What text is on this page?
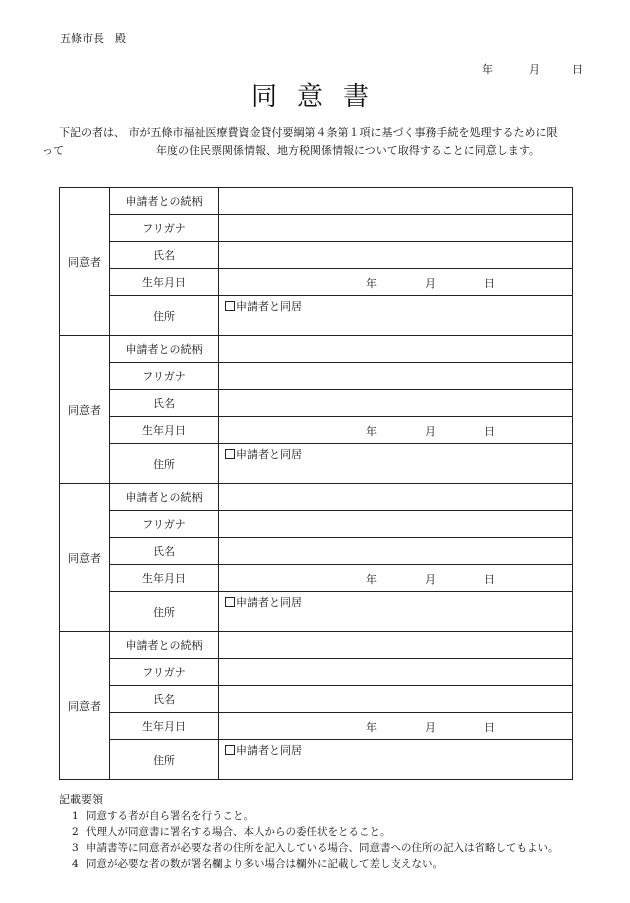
五條市長　殿
年	月	日
同意書
下記の者は、 市が五條市福祉医療費資金貸付要綱第４条第１項に基づく事務手続を処理するために限
って	年度の住民票関係情報、地方税関係情報について取得することに同意します。
同意者	申請者との続柄	
	フリガナ	
	氏名	
	生年月日	年 月 日

	住所	申請者と同居

同意者	申請者との続柄	
	フリガナ	
	氏名	
	生年月日	年 月 日

	住所	申請者と同居

同意者	申請者との続柄	
	フリガナ	
	氏名	
	生年月日	年 月 日

	住所	申請者と同居

同意者	申請者との続柄	
	フリガナ	
	氏名	
	生年月日	年 月 日

	住所	申請者と同居
記載要領
1 同意する者が自ら署名を行うこと。
2 代理人が同意書に署名する場合、本人からの委任状をとること。
3 申請書等に同意者が必要な者の住所を記入している場合、同意書への住所の記入は省略してもよい。
4 同意が必要な者の数が署名欄より多い場合は欄外に記載して差し支えない。
